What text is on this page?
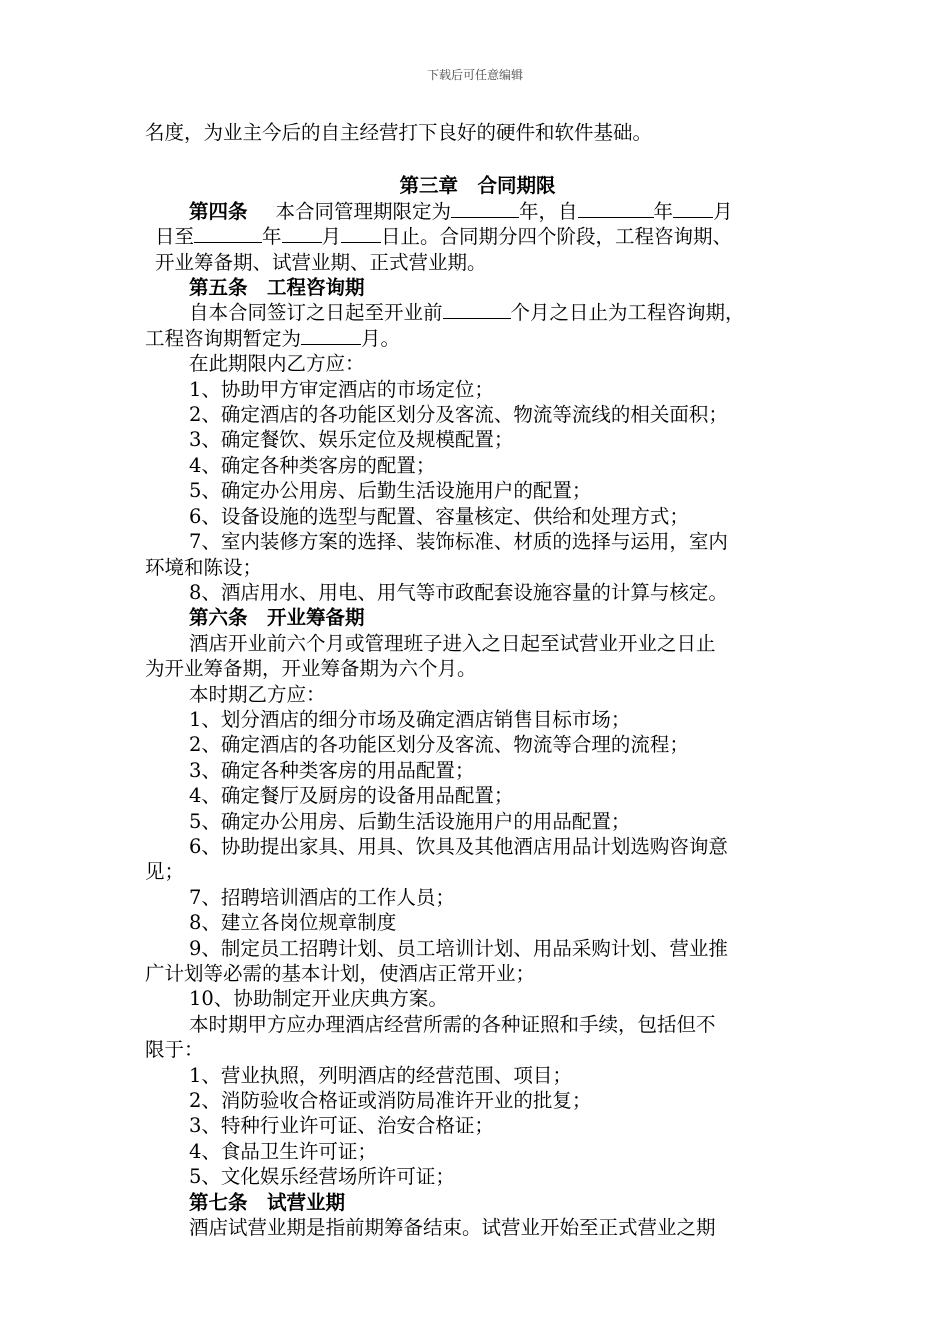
下载后可任意编辑
名度，为业主今后的自主经营打下良好的硬件和软件基础。
第三章　合同期限
第四条 本合同管理期限定为	年，自	年 月
日至	年 月 日止。合同期分四个阶段，工程咨询期、
开业筹备期、试营业期、正式营业期。
第五条　工程咨询期
自本合同签订之日起至开业前	个月之日止为工程咨询期，
工程咨询期暂定为	月。
在此期限内乙方应：
1、协助甲方审定酒店的市场定位；
2、确定酒店的各功能区划分及客流、物流等流线的相关面积；
3、确定餐饮、娱乐定位及规模配置；
4、确定各种类客房的配置；
5、确定办公用房、后勤生活设施用户的配置；
6、设备设施的选型与配置、容量核定、供给和处理方式；
7、室内装修方案的选择、装饰标准、材质的选择与运用，室内
环境和陈设；
8、酒店用水、用电、用气等市政配套设施容量的计算与核定。
第六条　开业筹备期
酒店开业前六个月或管理班子进入之日起至试营业开业之日止
为开业筹备期，开业筹备期为六个月。
本时期乙方应：
1、划分酒店的细分市场及确定酒店销售目标市场；
2、确定酒店的各功能区划分及客流、物流等合理的流程；
3、确定各种类客房的用品配置；
4、确定餐厅及厨房的设备用品配置；
5、确定办公用房、后勤生活设施用户的用品配置；
6、协助提出家具、用具、饮具及其他酒店用品计划选购咨询意
见；
7、招聘培训酒店的工作人员；
8、建立各岗位规章制度
9、制定员工招聘计划、员工培训计划、用品采购计划、营业推
广计划等必需的基本计划，使酒店正常开业；
10、协助制定开业庆典方案。
本时期甲方应办理酒店经营所需的各种证照和手续，包括但不
限于：
1、营业执照，列明酒店的经营范围、项目；
2、消防验收合格证或消防局准许开业的批复；
3、特种行业许可证、治安合格证；
4、食品卫生许可证；
5、文化娱乐经营场所许可证；
第七条　试营业期
酒店试营业期是指前期筹备结束。试营业开始至正式营业之期
